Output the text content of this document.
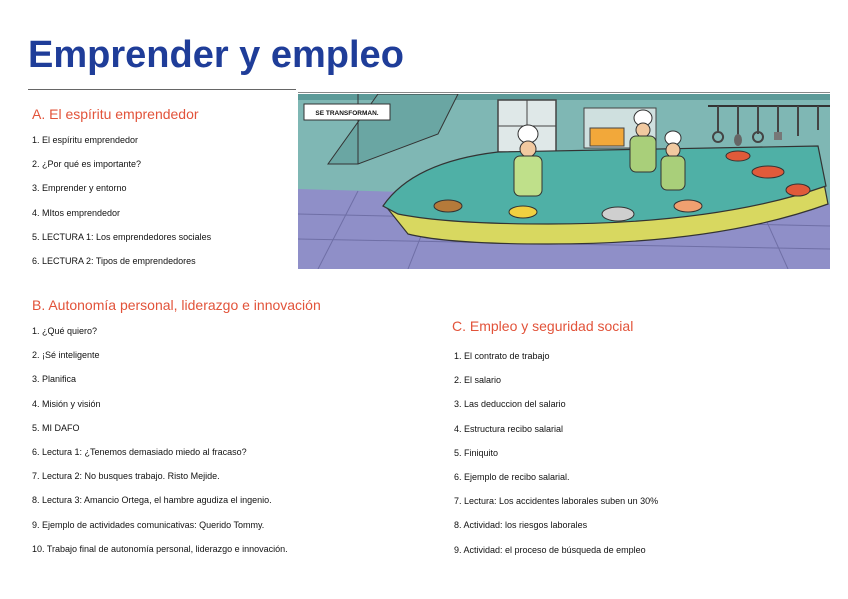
Emprender y empleo
A. El espíritu emprendedor
1. El espíritu emprendedor
2. ¿Por qué es importante?
3. Emprender y entorno
4. MItos emprendedor
5. LECTURA 1: Los emprendedores sociales
6. LECTURA 2: Tipos de emprendedores
SE TRANSFORMAN.
B. Autonomía personal, liderazgo e innovación
1. ¿Qué quiero?
2. ¡Sé inteligente
3. Planifica
4. Misión y visión
5. MI DAFO
6. Lectura 1: ¿Tenemos demasiado miedo al fracaso?
7. Lectura 2: No busques trabajo. Risto Mejide.
8. Lectura 3: Amancio Ortega, el hambre agudiza el ingenio.
9. Ejemplo de actividades comunicativas: Querido Tommy.
10. Trabajo final de autonomía personal, liderazgo e innovación.
C. Empleo y seguridad social
1. El contrato de trabajo
2. El salario
3. Las deduccion del salario
4. Estructura recibo salarial
5. Finiquito
6. Ejemplo de recibo salarial.
7. Lectura: Los accidentes laborales suben un 30%
8. Actividad: los riesgos laborales
9. Actividad: el proceso de búsqueda de empleo
